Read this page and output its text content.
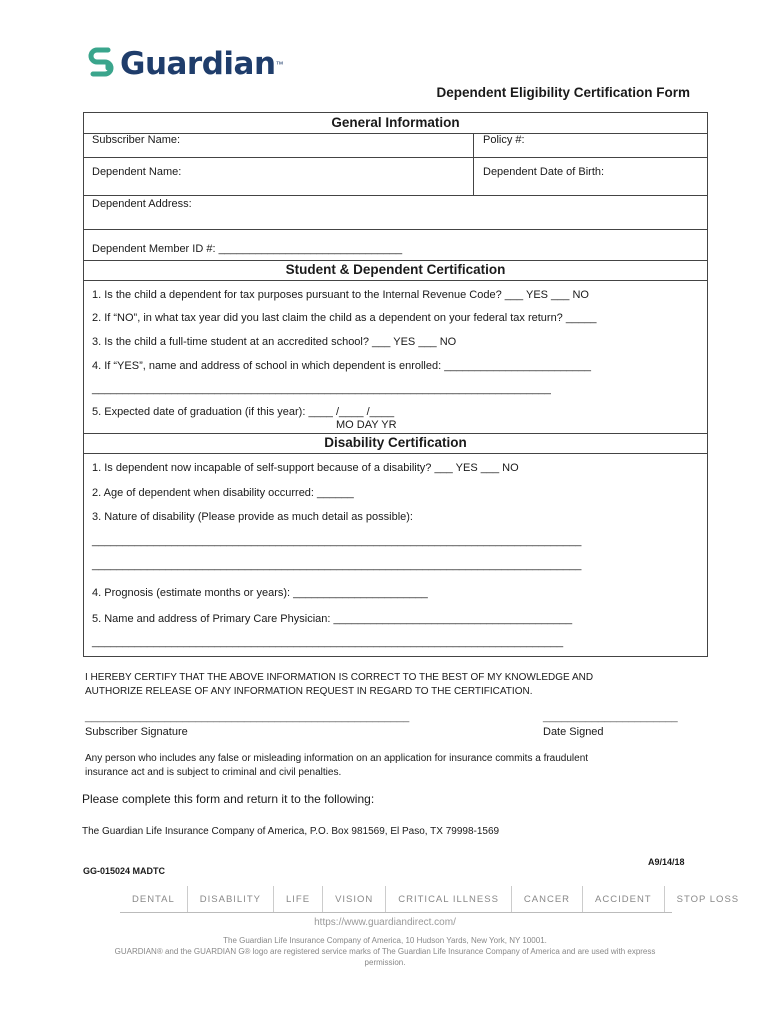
Guardian ™
Dependent Eligibility Certification Form
General Information
Subscriber Name:	Policy #:
Dependent Name:	Dependent Date of Birth:
Dependent Address:
Dependent Member ID #: ______________________________
Student & Dependent Certification
1. Is the child a dependent for tax purposes pursuant to the Internal Revenue Code? ___ YES ___ NO
2. If “NO”, in what tax year did you last claim the child as a dependent on your federal tax return? _____
3. Is the child a full-time student at an accredited school? ___ YES ___ NO
4. If “YES”, name and address of school in which dependent is enrolled: ________________________
___________________________________________________________________________
5. Expected date of graduation (if this year): ____ /____ /____
MO DAY YR
Disability Certification
1. Is dependent now incapable of self-support because of a disability? ___ YES ___ NO
2. Age of dependent when disability occurred: ______
3. Nature of disability (Please provide as much detail as possible):
________________________________________________________________________________
________________________________________________________________________________
4. Prognosis (estimate months or years): ______________________
5. Name and address of Primary Care Physician: _______________________________________
_____________________________________________________________________________
I HEREBY CERTIFY THAT THE ABOVE INFORMATION IS CORRECT TO THE BEST OF MY KNOWLEDGE AND
AUTHORIZE RELEASE OF ANY INFORMATION REQUEST IN REGARD TO THE CERTIFICATION.
_____________________________________________________
Subscriber Signature
______________________
Date Signed
Any person who includes any false or misleading information on an application for insurance commits a fraudulent
insurance act and is subject to criminal and civil penalties.
Please complete this form and return it to the following:
The Guardian Life Insurance Company of America, P.O. Box 981569, El Paso, TX 79998-1569
A9/14/18
GG-015024 MADTC
DENTAL	DISABILITY	LIFE	VISION	CRITICAL ILLNESS	CANCER	ACCIDENT	STOP LOSS
https://www.guardiandirect.com/
The Guardian Life Insurance Company of America, 10 Hudson Yards, New York, NY 10001.
GUARDIAN® and the GUARDIAN G® logo are registered service marks of The Guardian Life Insurance Company of America and are used with express
permission.
